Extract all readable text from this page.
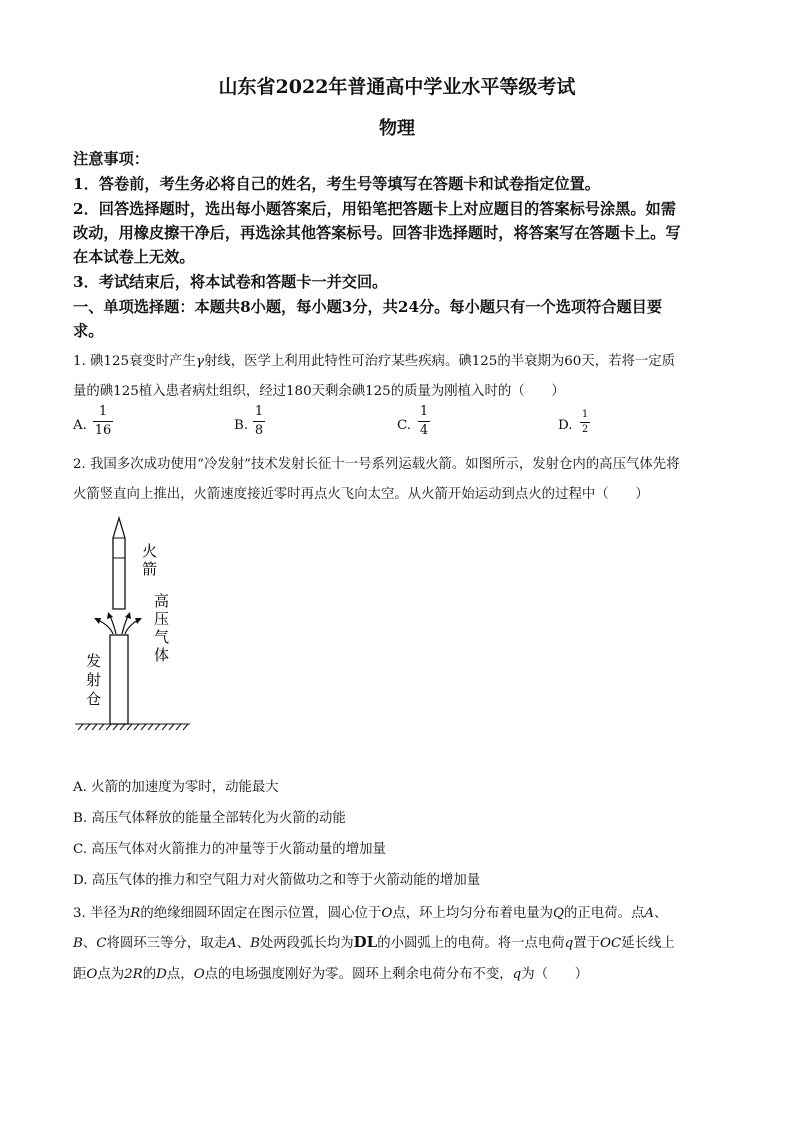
山东省2022年普通高中学业水平等级考试
物理
注意事项：
1．答卷前，考生务必将自己的姓名，考生号等填写在答题卡和试卷指定位置。
2．回答选择题时，选出每小题答案后，用铅笔把答题卡上对应题目的答案标号涂黑。如需
改动，用橡皮擦干净后，再选涂其他答案标号。回答非选择题时，将答案写在答题卡上。写
在本试卷上无效。
3．考试结束后，将本试卷和答题卡一并交回。
一、单项选择题：本题共8小题，每小题3分，共24分。每小题只有一个选项符合题目要
求。
1. 碘125衰变时产生γ射线，医学上利用此特性可治疗某些疾病。碘125的半衰期为60天，若将一定质
量的碘125植入患者病灶组织，经过180天剩余碘125的质量为刚植入时的（　　）
A.
1
16	B.
1
8	C.
1
4	D.
1
2
2. 我国多次成功使用“冷发射”技术发射长征十一号系列运载火箭。如图所示，发射仓内的高压气体先将
火箭竖直向上推出，火箭速度接近零时再点火飞向太空。从火箭开始运动到点火的过程中（　　）
火
箭
高
压
气
体
发
射
仓
A. 火箭的加速度为零时，动能最大
B. 高压气体释放的能量全部转化为火箭的动能
C. 高压气体对火箭推力的冲量等于火箭动量的增加量
D. 高压气体的推力和空气阻力对火箭做功之和等于火箭动能的增加量
3. 半径为R的绝缘细圆环固定在图示位置，圆心位于O点，环上均匀分布着电量为Q的正电荷。点A、
B、C将圆环三等分，取走A、B处两段弧长均为DL的小圆弧上的电荷。将一点电荷q置于OC延长线上
距O点为2R的D点，O点的电场强度刚好为零。圆环上剩余电荷分布不变，q为（　　）
